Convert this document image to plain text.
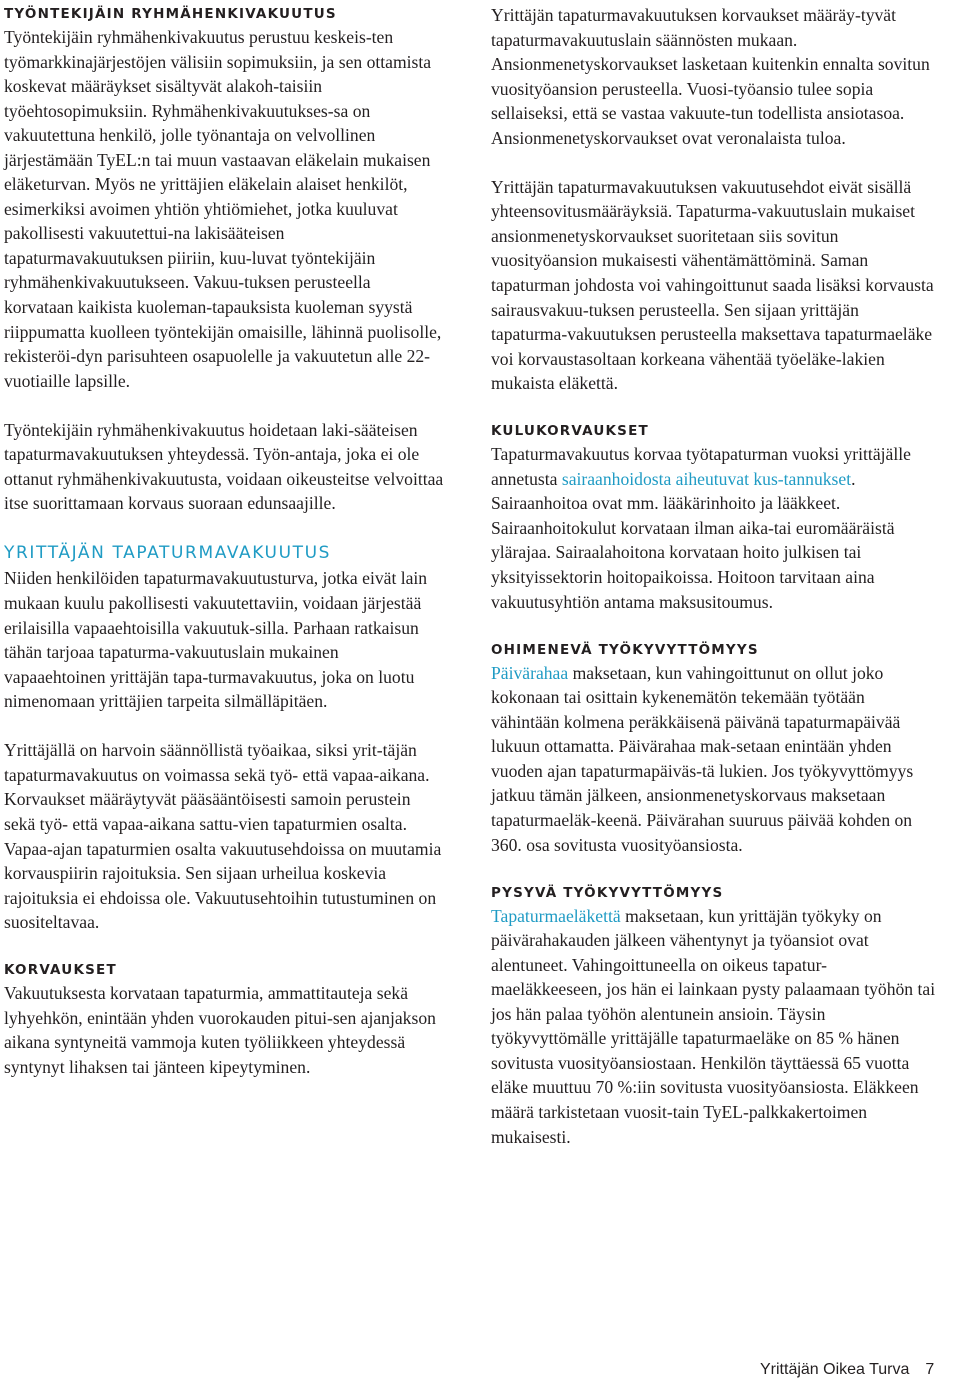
TYÖNTEKIJÄIN RYHMÄHENKIVAKUUTUS

Työntekijäin ryhmähenkivakuutus perustuu keskeis-ten työmarkkinajärjestöjen välisiin sopimuksiin, ja sen ottamista koskevat määräykset sisältyvät alakoh-taisiin työehtosopimuksiin. Ryhmähenkivakuutukses-sa on vakuutettuna henkilö, jolle työnantaja on velvollinen järjestämään TyEL:n tai muun vastaavan eläkelain mukaisen eläketurvan. Myös ne yrittäjien eläkelain alaiset henkilöt, esimerkiksi avoimen yhtiön yhtiömiehet, jotka kuuluvat pakollisesti vakuutettui-na lakisääteisen tapaturmavakuutuksen piiriin, kuu-luvat työntekijäin ryhmähenkivakuutukseen. Vakuu-tuksen perusteella korvataan kaikista kuoleman-tapauksista kuoleman syystä riippumatta kuolleen työntekijän omaisille, lähinnä puolisolle, rekisteröi-dyn parisuhteen osapuolelle ja vakuutetun alle 22-vuotiaille lapsille.

Työntekijäin ryhmähenkivakuutus hoidetaan laki-sääteisen tapaturmavakuutuksen yhteydessä. Työn-antaja, joka ei ole ottanut ryhmähenkivakuutusta, voidaan oikeusteitse velvoittaa itse suorittamaan korvaus suoraan edunsaajille.

YRITTÄJÄN TAPATURMAVAKUUTUS

Niiden henkilöiden tapaturmavakuutusturva, jotka eivät lain mukaan kuulu pakollisesti vakuutettaviin, voidaan järjestää erilaisilla vapaaehtoisilla vakuutuk-silla. Parhaan ratkaisun tähän tarjoaa tapaturma-vakuutuslain mukainen vapaaehtoinen yrittäjän tapa-turmavakuutus, joka on luotu nimenomaan yrittäjien tarpeita silmälläpitäen.

Yrittäjällä on harvoin säännöllistä työaikaa, siksi yrit-täjän tapaturmavakuutus on voimassa sekä työ- että vapaa-aikana. Korvaukset määräytyvät pääsääntöisesti samoin perustein sekä työ- että vapaa-aikana sattu-vien tapaturmien osalta. Vapaa-ajan tapaturmien osalta vakuutusehdoissa on muutamia korvauspiirin rajoituksia. Sen sijaan urheilua koskevia rajoituksia ei ehdoissa ole. Vakuutusehtoihin tutustuminen on suositeltavaa.

KORVAUKSET

Vakuutuksesta korvataan tapaturmia, ammattitauteja sekä lyhyehkön, enintään yhden vuorokauden pitui-sen ajanjakson aikana syntyneitä vammoja kuten työliikkeen yhteydessä syntynyt lihaksen tai jänteen kipeytyminen.

Yrittäjän tapaturmavakuutuksen korvaukset määräy-tyvät tapaturmavakuutuslain säännösten mukaan. Ansionmenetyskorvaukset lasketaan kuitenkin ennalta sovitun vuosityöansion perusteella. Vuosi-työansio tulee sopia sellaiseksi, että se vastaa vakuute-tun todellista ansiotasoa. Ansionmenetyskorvaukset ovat veronalaista tuloa.

Yrittäjän tapaturmavakuutuksen vakuutusehdot eivät sisällä yhteensovitusmääräyksiä. Tapaturma-vakuutuslain mukaiset ansionmenetyskorvaukset suoritetaan siis sovitun vuosityöansion mukaisesti vähentämättöminä. Saman tapaturman johdosta voi vahingoittunut saada lisäksi korvausta sairausvakuu-tuksen perusteella. Sen sijaan yrittäjän tapaturma-vakuutuksen perusteella maksettava tapaturmaeläke voi korvaustasoltaan korkeana vähentää työeläke-lakien mukaista eläkettä.

KULUKORVAUKSET

Tapaturmavakuutus korvaa työtapaturman vuoksi yrittäjälle annetusta sairaanhoidosta aiheutuvat kus-tannukset. Sairaanhoitoa ovat mm. lääkärinhoito ja lääkkeet. Sairaanhoitokulut korvataan ilman aika-tai euromääräistä ylärajaa. Sairaalahoitona korvataan hoito julkisen tai yksityissektorin hoitopaikoissa. Hoitoon tarvitaan aina vakuutusyhtiön antama maksusitoumus.

OHIMENEVÄ TYÖKYVYTTÖMYYS

Päivärahaa maksetaan, kun vahingoittunut on ollut joko kokonaan tai osittain kykenemätön tekemään työtään vähintään kolmena peräkkäisenä päivänä tapaturmapäivää lukuun ottamatta. Päivärahaa mak-setaan enintään yhden vuoden ajan tapaturmapäiväs-tä lukien. Jos työkyvyttömyys jatkuu tämän jälkeen, ansionmenetyskorvaus maksetaan tapaturmaeläk-keenä. Päivärahan suuruus päivää kohden on 360. osa sovitusta vuosityöansiosta.

PYSYVÄ TYÖKYVYTTÖMYYS

Tapaturmaeläkettä maksetaan, kun yrittäjän työkyky on päivärahakauden jälkeen vähentynyt ja työansiot ovat alentuneet. Vahingoittuneella on oikeus tapatur-maeläkkeeseen, jos hän ei lainkaan pysty palaamaan työhön tai jos hän palaa työhön alentunein ansioin. Täysin työkyvyttömälle yrittäjälle tapaturmaeläke on 85 % hänen sovitusta vuosityöansiostaan. Henkilön täyttäessä 65 vuotta eläke muuttuu 70 %:iin sovitusta vuosityöansiosta. Eläkkeen määrä tarkistetaan vuosit-tain TyEL-palkkakertoimen mukaisesti.

Yrittäjän Oikea Turva 7
